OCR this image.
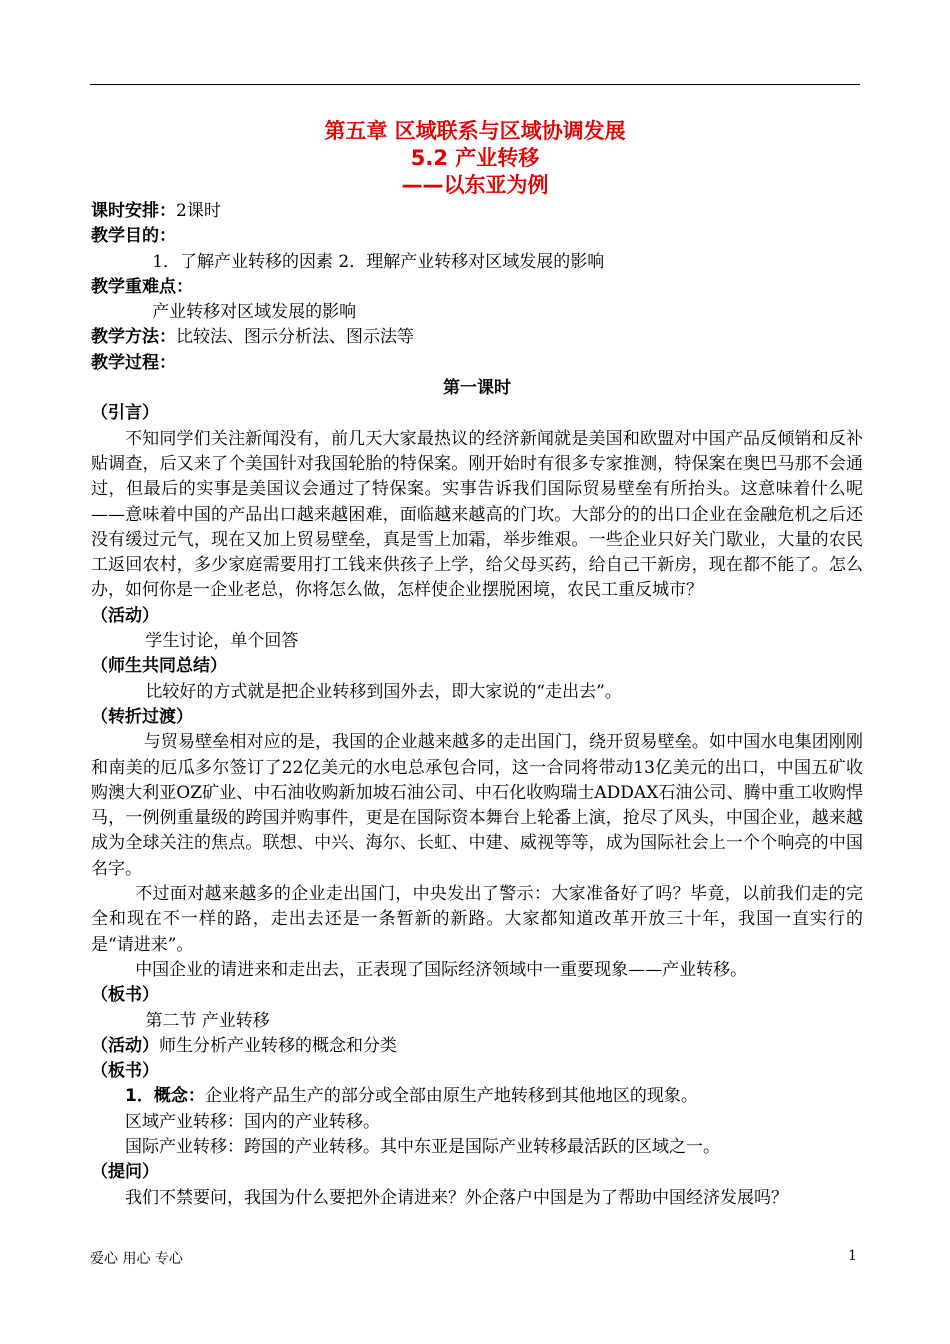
第五章 区域联系与区域协调发展
5.2 产业转移
——以东亚为例

课时安排：2课时

教学目的：

1．了解产业转移的因素 2．理解产业转移对区域发展的影响

教学重难点：

产业转移对区域发展的影响

教学方法：比较法、图示分析法、图示法等

教学过程：

第一课时

（引言）

不知同学们关注新闻没有，前几天大家最热议的经济新闻就是美国和欧盟对中国产品反倾销和反补贴调查，后又来了个美国针对我国轮胎的特保案。刚开始时有很多专家推测，特保案在奥巴马那不会通过，但最后的实事是美国议会通过了特保案。实事告诉我们国际贸易壁垒有所抬头。这意味着什么呢——意味着中国的产品出口越来越困难，面临越来越高的门坎。大部分的的出口企业在金融危机之后还没有缓过元气，现在又加上贸易壁垒，真是雪上加霜，举步维艰。一些企业只好关门歇业，大量的农民工返回农村，多少家庭需要用打工钱来供孩子上学，给父母买药，给自己干新房，现在都不能了。怎么办，如何你是一企业老总，你将怎么做，怎样使企业摆脱困境，农民工重反城市？

（活动）

学生讨论，单个回答

（师生共同总结）

比较好的方式就是把企业转移到国外去，即大家说的“走出去”。

（转折过渡）

与贸易壁垒相对应的是，我国的企业越来越多的走出国门，绕开贸易壁垒。如中国水电集团刚刚和南美的厄瓜多尔签订了22亿美元的水电总承包合同，这一合同将带动13亿美元的出口，中国五矿收购澳大利亚OZ矿业、中石油收购新加坡石油公司、中石化收购瑞士ADDAX石油公司、腾中重工收购悍马，一例例重量级的跨国并购事件，更是在国际资本舞台上轮番上演，抢尽了风头，中国企业，越来越成为全球关注的焦点。联想、中兴、海尔、长虹、中建、威视等等，成为国际社会上一个个响亮的中国名字。

不过面对越来越多的企业走出国门，中央发出了警示：大家准备好了吗？毕竟，以前我们走的完全和现在不一样的路，走出去还是一条暂新的新路。大家都知道改革开放三十年，我国一直实行的是“请进来”。

中国企业的请进来和走出去，正表现了国际经济领域中一重要现象——产业转移。

（板书）

第二节 产业转移

（活动）师生分析产业转移的概念和分类

（板书）

1．概念：企业将产品生产的部分或全部由原生产地转移到其他地区的现象。

区域产业转移：国内的产业转移。

国际产业转移：跨国的产业转移。其中东亚是国际产业转移最活跃的区域之一。

（提问）

我们不禁要问，我国为什么要把外企请进来？外企落户中国是为了帮助中国经济发展吗？

爱心 用心 专心	1
